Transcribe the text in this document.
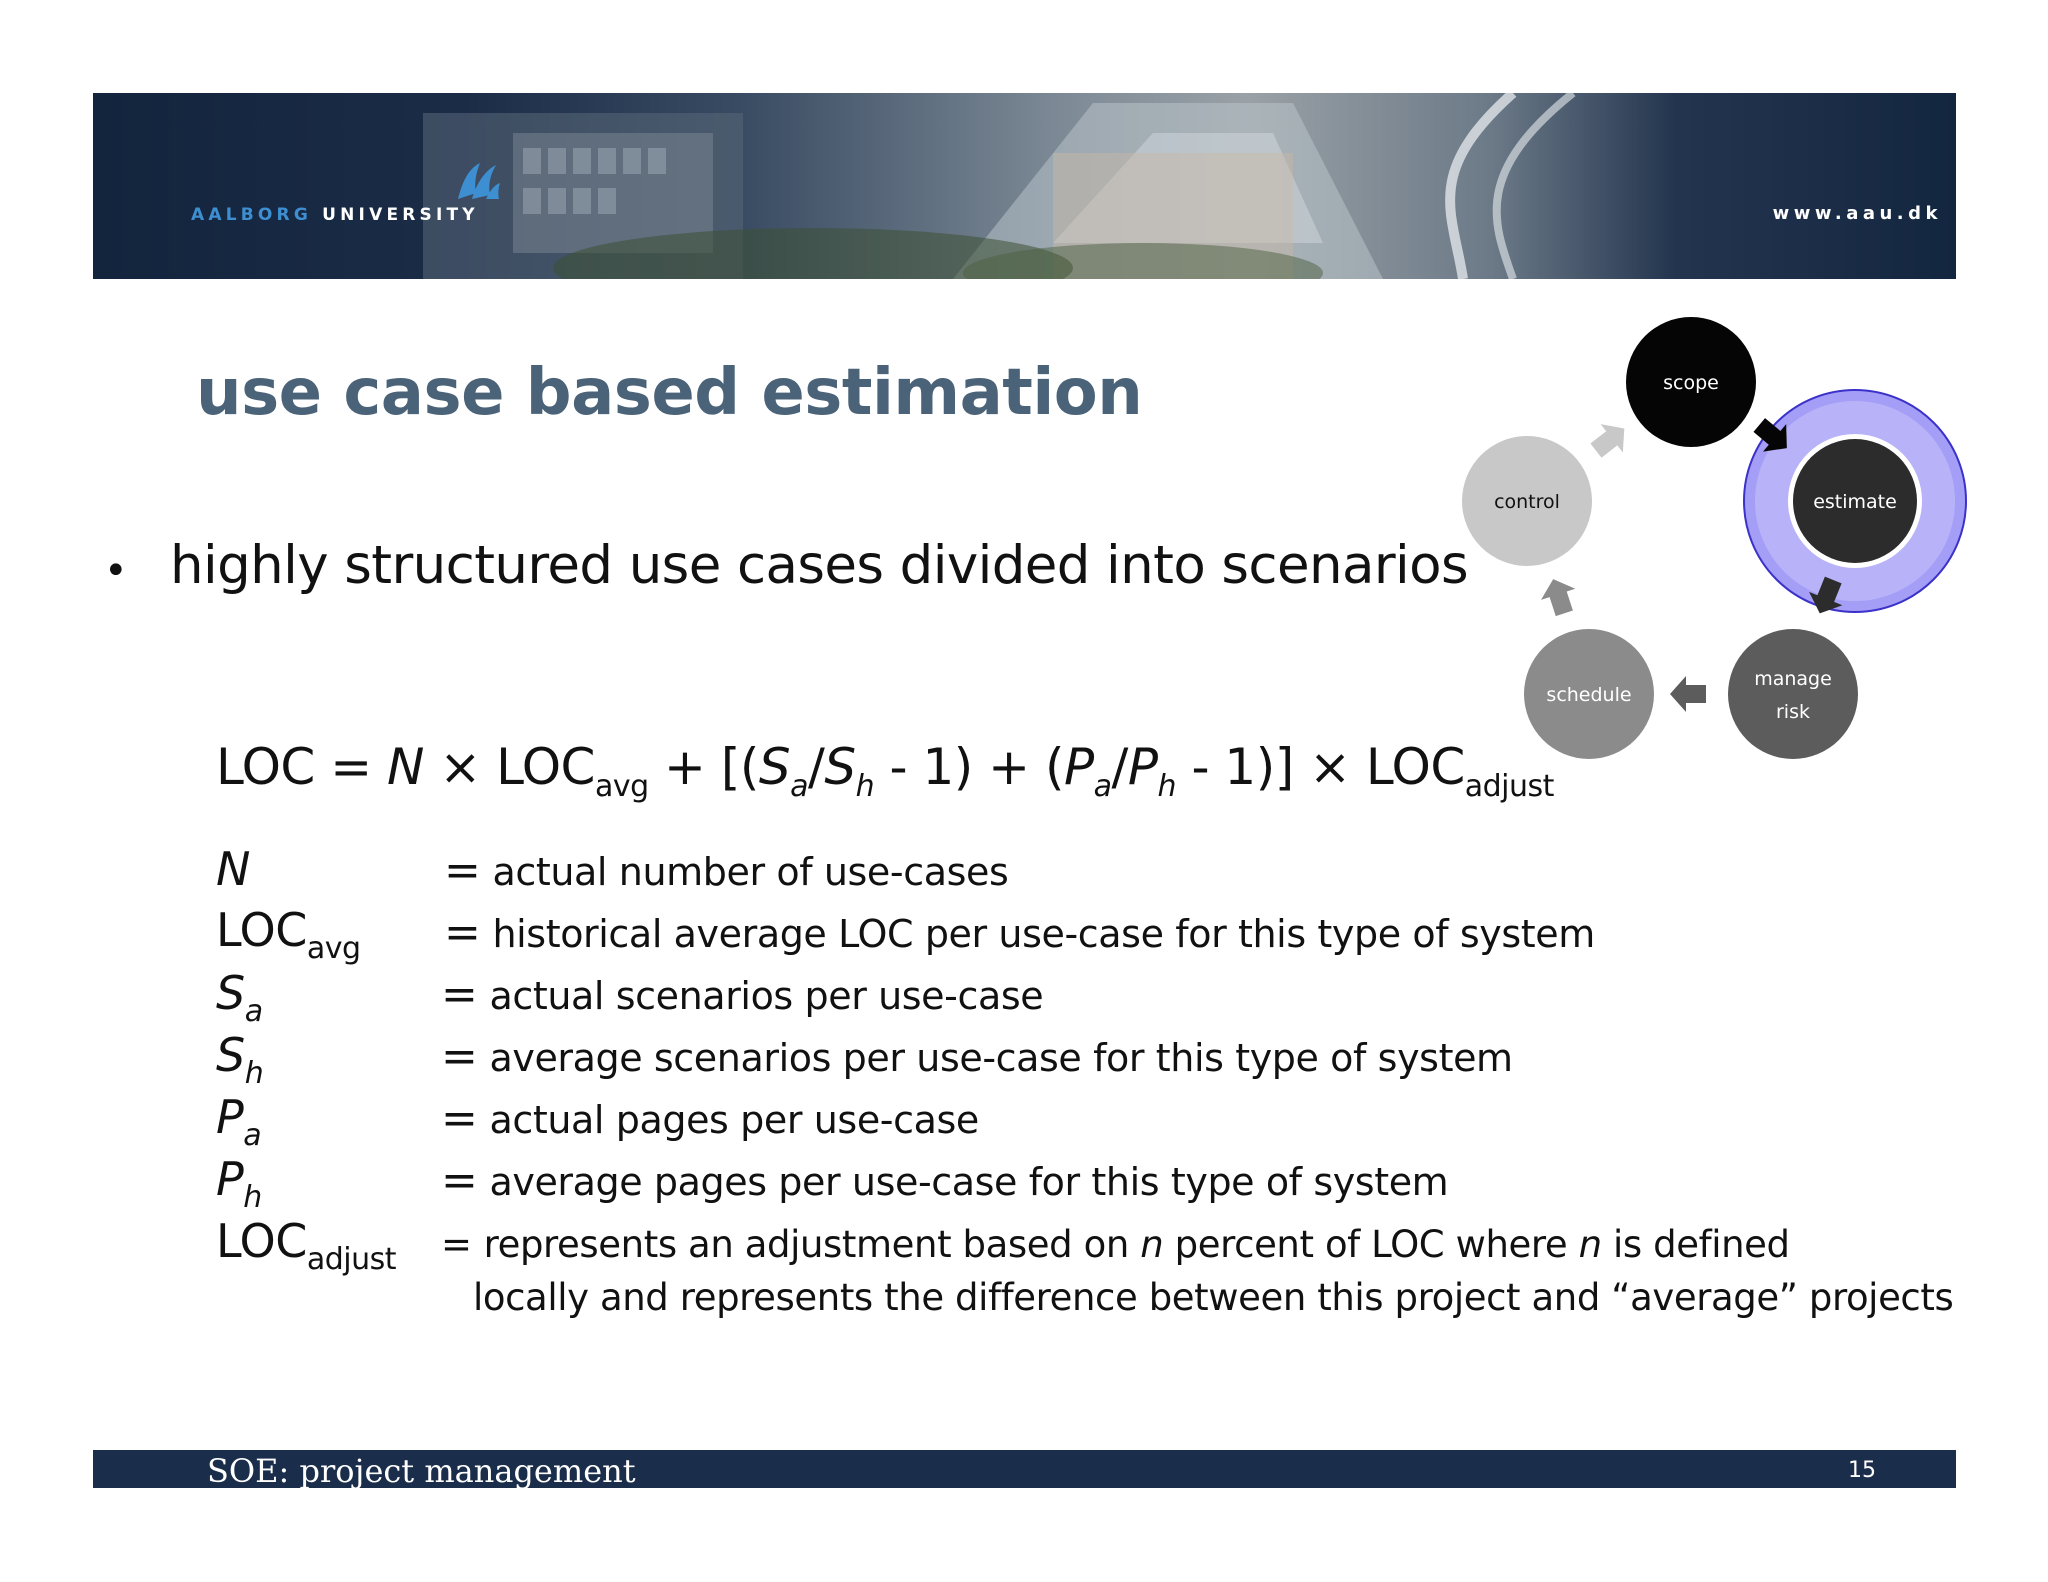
AALBORG UNIVERSITY	www.aau.dk
use case based estimation
• highly structured use cases divided into scenarios
LOC = $N \times LOC_{avg} + [(S_a/S_h - 1) + (P_a/P_h - 1)] \times LOC_{adjust}$
N	= actual number of use-cases
$LOC_{avg}$ = historical average LOC per use-case for this type of system
$S_a$	= actual scenarios per use-case
$S_h$	= average scenarios per use-case for this type of system
$P_a$	= actual pages per use-case
$P_h$	= average pages per use-case for this type of system
$LOC_{adjust}$ = represents an adjustment based on n percent of LOC where n is defined
locally and represents the difference between this project and “average” projects
scope
estimate
manage
risk
schedule
control
SOE: project management	15
